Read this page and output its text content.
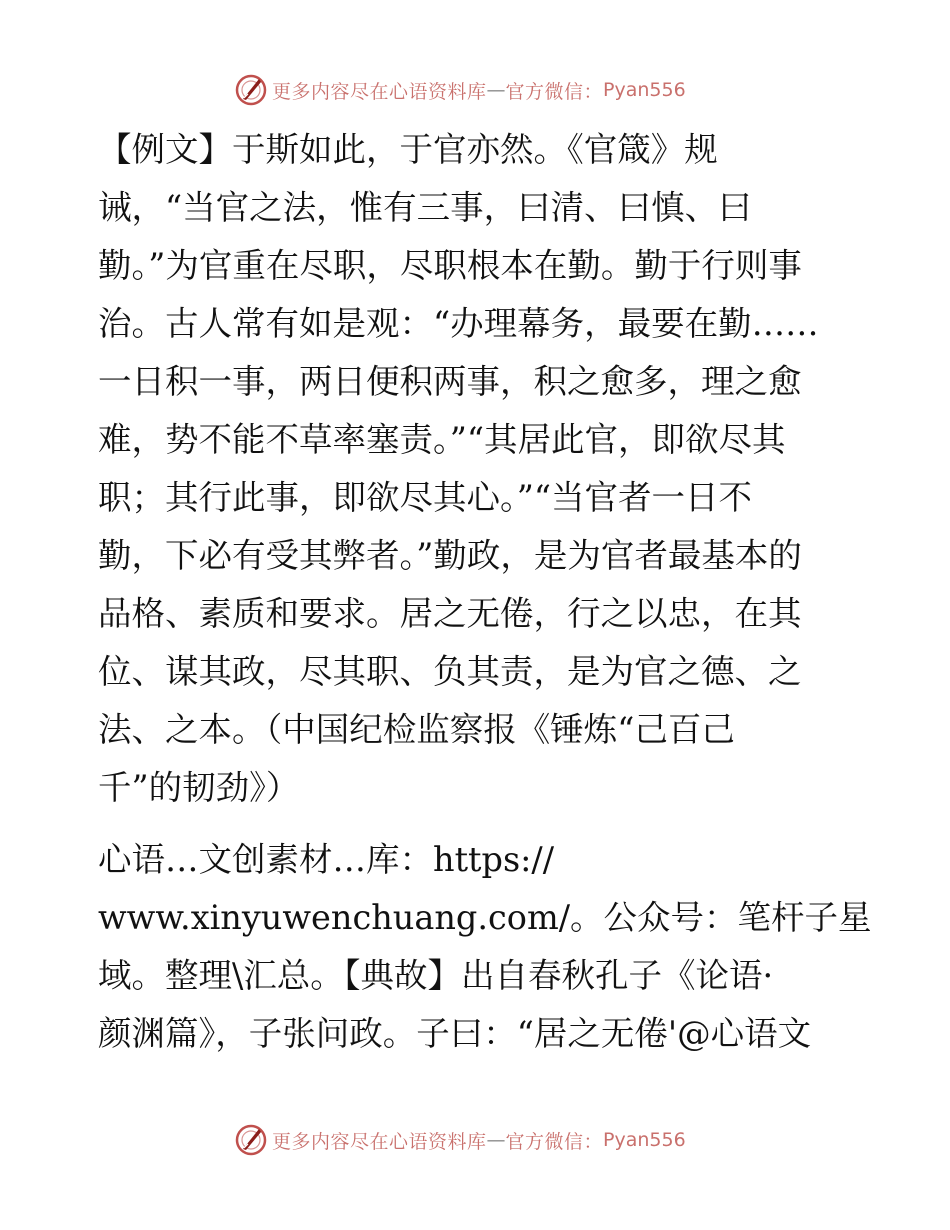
更多内容尽在心语资料库 — 官方微信： Pyan556
【例文】于斯如此，于官亦然。《官箴》规
诫，“当官之法，惟有三事，曰清、曰慎、曰
勤。”为官重在尽职，尽职根本在勤。勤于行则事
治。古人常有如是观：“办理幕务，最要在勤……
一日积一事，两日便积两事，积之愈多，理之愈
难，势不能不草率塞责。”“其居此官，即欲尽其
职；其行此事，即欲尽其心。”“当官者一日不
勤，下必有受其弊者。”勤政，是为官者最基本的
品格、素质和要求。居之无倦，行之以忠，在其
位、谋其政，尽其职、负其责，是为官之德、之
法、之本。（中国纪检监察报《锤炼“己百己
千”的韧劲》）
心语…文创素材…库：https://
www.xinyuwenchuang.com/。公众号：笔杆子星
域。整理\汇总。【典故】出自春秋孔子《论语·
颜渊篇》，子张问政。子曰：“居之无倦'@心语文
更多内容尽在心语资料库 — 官方微信： Pyan556
